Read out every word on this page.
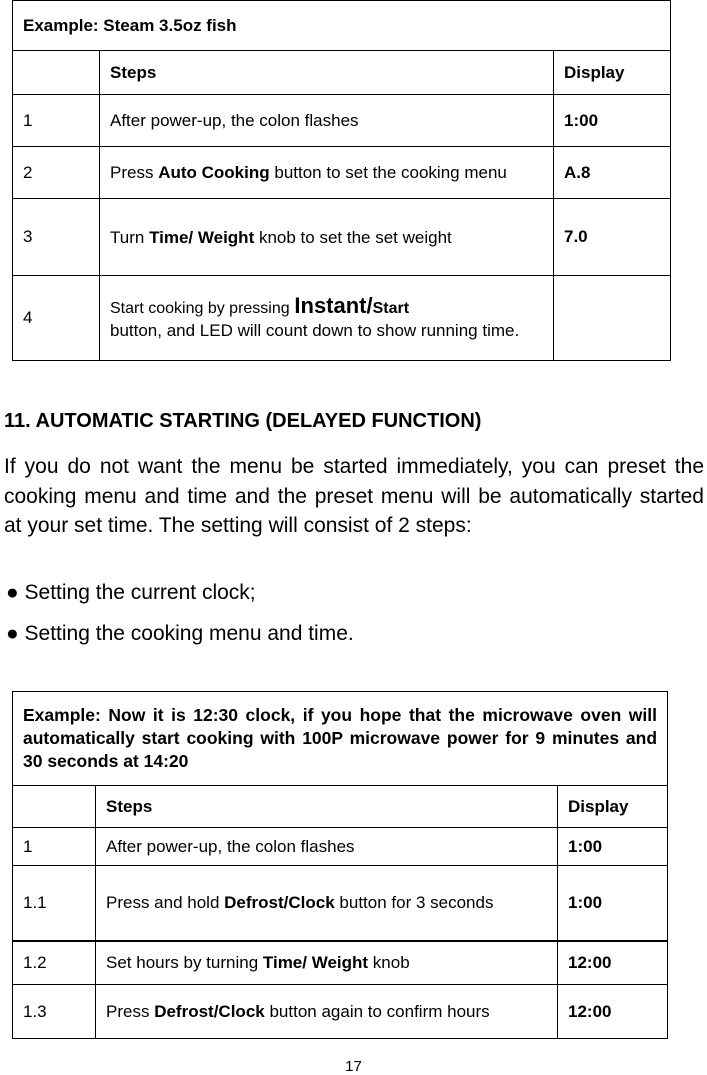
Example: Steam 3.5oz fish		
	Steps	Display
1	After power-up, the colon flashes	1:00
2	Press Auto Cooking button to set the cooking menu	A.8
3	Turn Time/ Weight knob to set the set weight	7.0
4	Start cooking by pressing Instant/Start
button, and LED will count down to show running time.	
11. AUTOMATIC STARTING (DELAYED FUNCTION)
If you do not want the menu be started immediately, you can preset the cooking menu and time and the preset menu will be automatically started at your set time. The setting will consist of 2 steps:
● Setting the current clock;
● Setting the cooking menu and time.
Example: Now it is 12:30 clock, if you hope that the microwave oven will automatically start cooking with 100P microwave power for 9 minutes and 30 seconds at 14:20		
	Steps	Display
1	After power-up, the colon flashes	1:00
1.1	Press and hold Defrost/Clock button for 3 seconds	1:00
1.2	Set hours by turning Time/ Weight knob	12:00
1.3	Press Defrost/Clock button again to confirm hours	12:00
17
